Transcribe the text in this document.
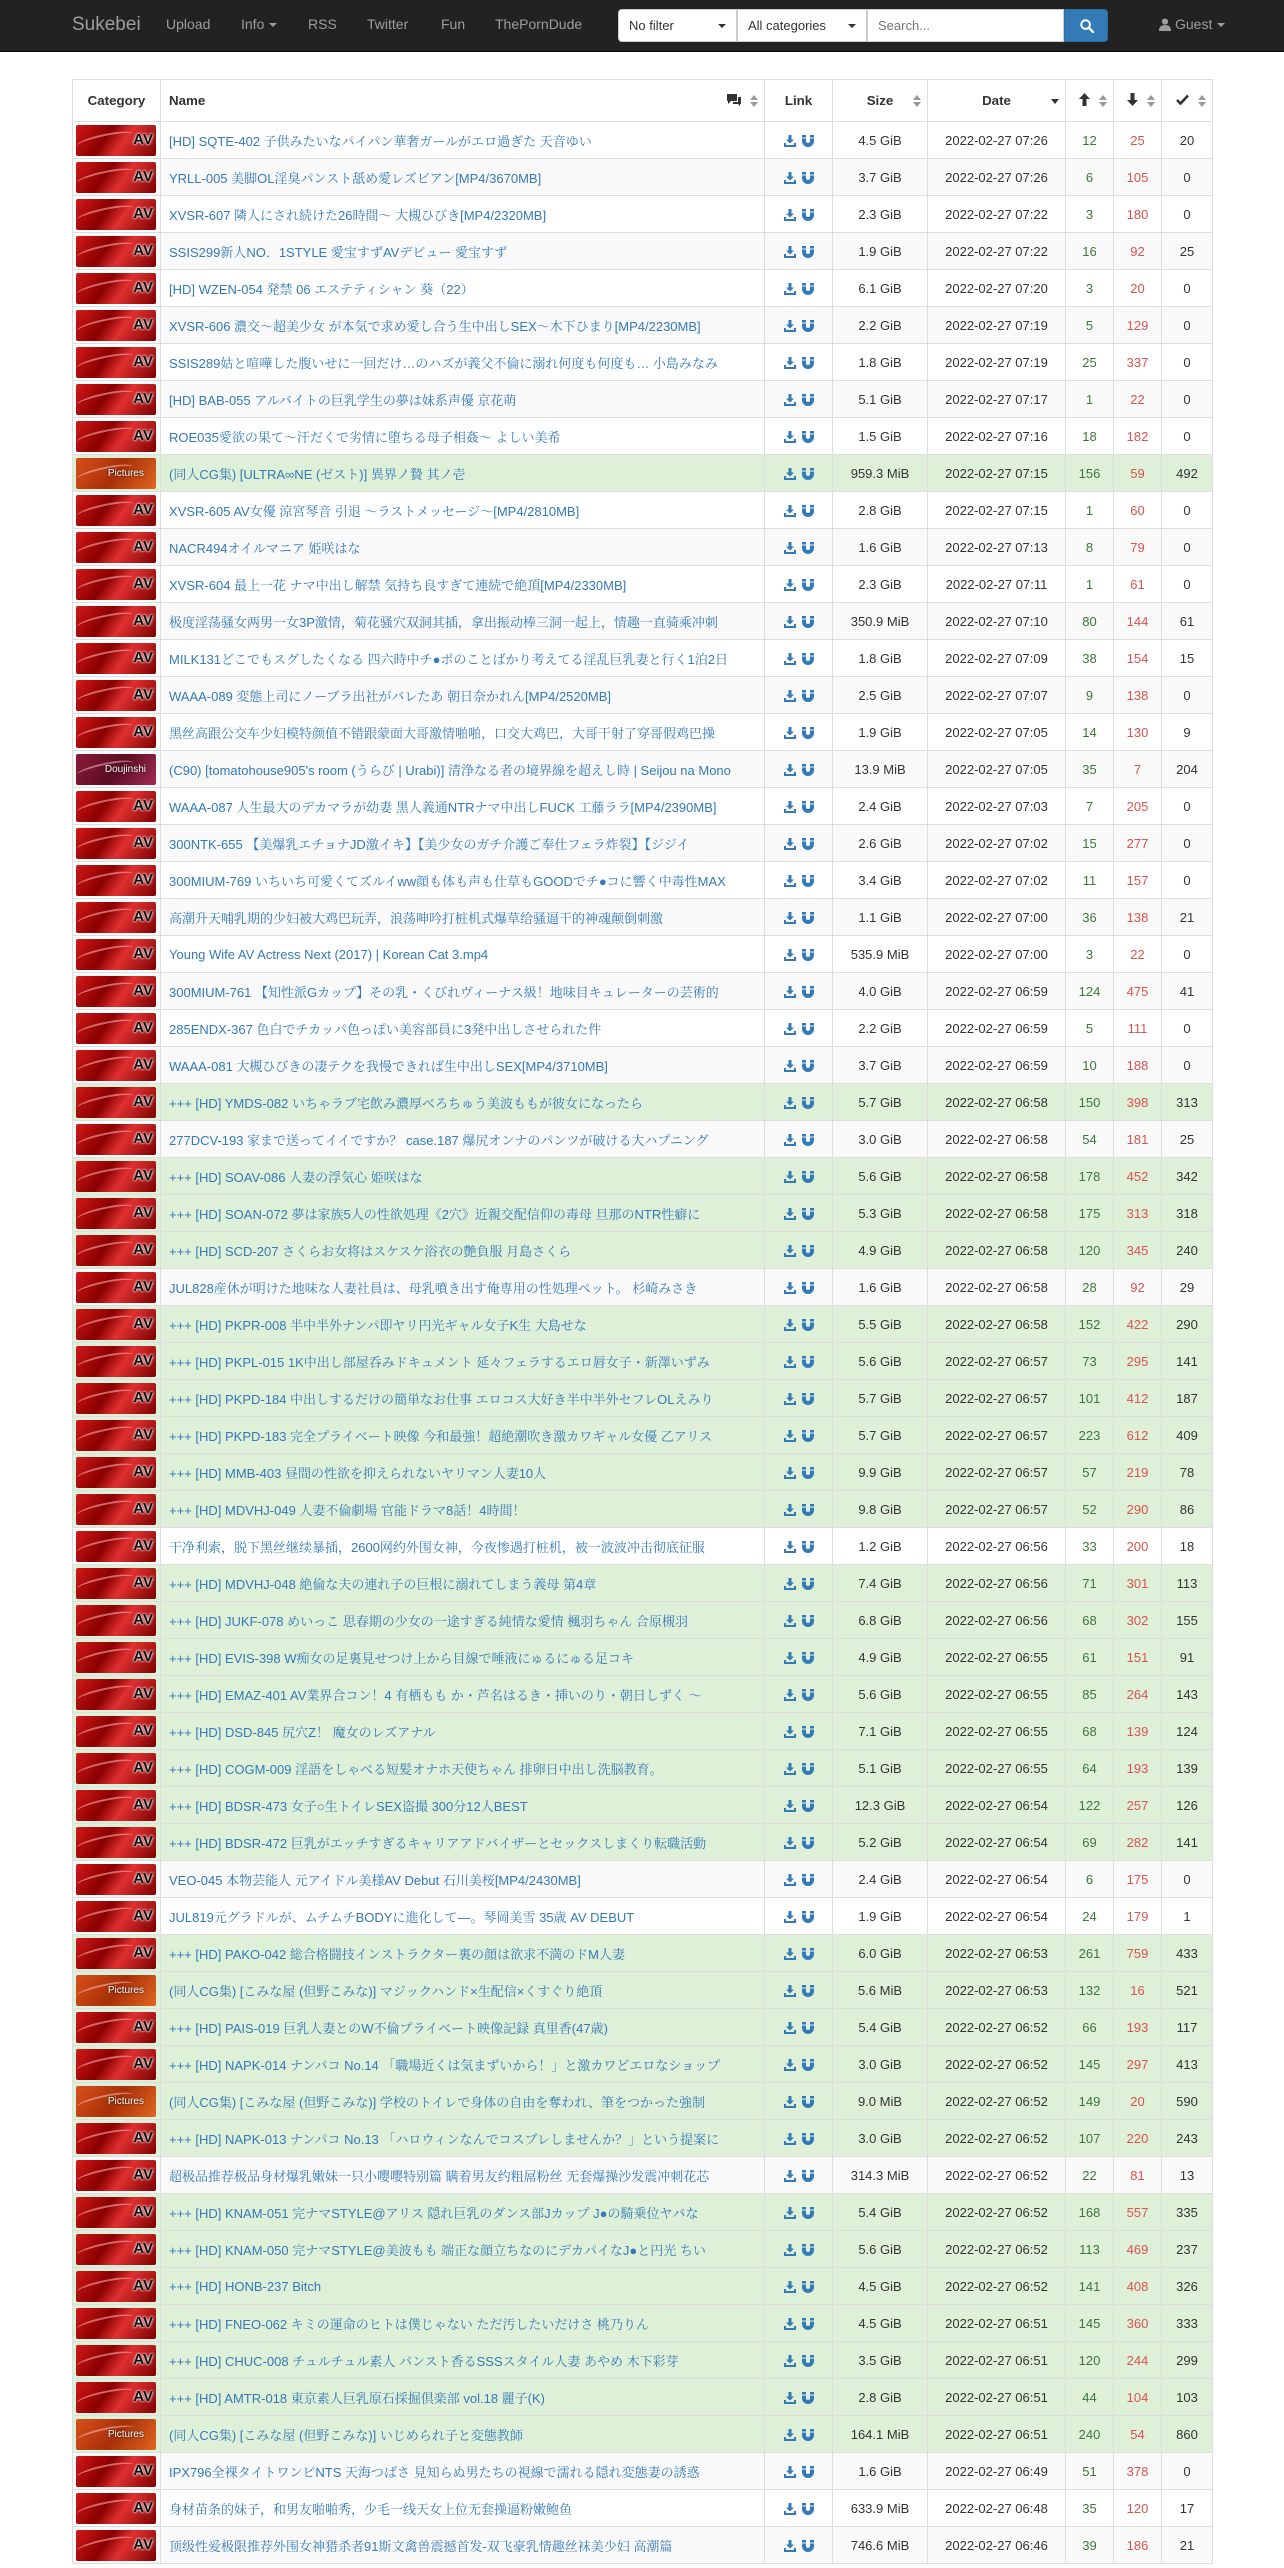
Sukebei Upload Info	RSS Twitter Fun ThePornDude	No filter	All categories
Search...	Guest
Category	Name	Link	Size	Date

AV	[HD] SQTE-402 子供みたいなパイパン華奢ガールがエロ過ぎた 天音ゆい		4.5 GiB	2022-02-27 07:26	12	25	20

AV	YRLL-005 美脚OL淫臭パンスト舐め愛レズビアン[MP4/3670MB]		3.7 GiB	2022-02-27 07:26	6	105	0

AV	XVSR-607 隣人にされ続けた26時間～ 大槻ひびき[MP4/2320MB]		2.3 GiB	2022-02-27 07:22	3	180	0

AV	SSIS299新人NO．1STYLE 愛宝すずAVデビュー 愛宝すず		1.9 GiB	2022-02-27 07:22	16	92	25

AV	[HD] WZEN-054 発禁 06 エステティシャン 葵（22）		6.1 GiB	2022-02-27 07:20	3	20	0

AV	XVSR-606 濃交～超美少女 が本気で求め愛し合う生中出しSEX～木下ひまり[MP4/2230MB]		2.2 GiB	2022-02-27 07:19	5	129	0

AV	SSIS289姑と喧嘩した腹いせに一回だけ…のハズが義父不倫に溺れ何度も何度も… 小島みなみ		1.8 GiB	2022-02-27 07:19	25	337	0

AV	[HD] BAB-055 アルバイトの巨乳学生の夢は妹系声優 京花萌		5.1 GiB	2022-02-27 07:17	1	22	0

AV	ROE035愛欲の果て～汗だくで劣情に堕ちる母子相姦～ よしい美希		1.5 GiB	2022-02-27 07:16	18	182	0

Pictures	(同人CG集) [ULTRA∞NE (ゼスト)] 異界ノ贄 其ノ壱		959.3 MiB	2022-02-27 07:15	156	59	492

AV	XVSR-605 AV女優 涼宮琴音 引退 ～ラストメッセージ～[MP4/2810MB]		2.8 GiB	2022-02-27 07:15	1	60	0

AV	NACR494オイルマニア 姫咲はな		1.6 GiB	2022-02-27 07:13	8	79	0

AV	XVSR-604 最上一花 ナマ中出し解禁 気持ち良すぎて連続で絶頂[MP4/2330MB]		2.3 GiB	2022-02-27 07:11	1	61	0

AV	极度淫荡骚女两男一女3P激情，菊花骚穴双洞其插，拿出振动棒三洞一起上，情趣一直骑乘冲刺		350.9 MiB	2022-02-27 07:10	80	144	61

AV	MILK131どこでもスグしたくなる 四六時中チ●ポのことばかり考えてる淫乱巨乳妻と行く1泊2日		1.8 GiB	2022-02-27 07:09	38	154	15

AV	WAAA-089 変態上司にノーブラ出社がバレたあ 朝日奈かれん[MP4/2520MB]		2.5 GiB	2022-02-27 07:07	9	138	0

AV	黑丝高跟公交车少妇模特颜值不错跟蒙面大哥激情啪啪，口交大鸡巴，大哥干射了穿哥假鸡巴操		1.9 GiB	2022-02-27 07:05	14	130	9

Doujinshi	(C90) [tomatohouse905's room (うらび | Urabi)] 清浄なる者の境界線を超えし時 | Seijou na Mono		13.9 MiB	2022-02-27 07:05	35	7	204

AV	WAAA-087 人生最大のデカマラが幼妻 黒人義通NTRナマ中出しFUCK 工藤ララ[MP4/2390MB]		2.4 GiB	2022-02-27 07:03	7	205	0

AV	300NTK-655 【美爆乳エチョナJD激イキ】【美少女のガチ介護ご奉仕フェラ炸裂】【ジジイ		2.6 GiB	2022-02-27 07:02	15	277	0

AV	300MIUM-769 いちいち可愛くてズルイww顔も体も声も仕草もGOODでチ●コに響く中毒性MAX		3.4 GiB	2022-02-27 07:02	11	157	0

AV	高潮升天哺乳期的少妇被大鸡巴玩弄，浪荡呻吟打桩机式爆草给骚逼干的神魂颠倒刺激		1.1 GiB	2022-02-27 07:00	36	138	21

AV	Young Wife AV Actress Next (2017) | Korean Cat 3.mp4		535.9 MiB	2022-02-27 07:00	3	22	0

AV	300MIUM-761 【知性派Gカップ】その乳・くびれヴィーナス級！地味目キュレーターの芸術的		4.0 GiB	2022-02-27 06:59	124	475	41

AV	285ENDX-367 色白でチカッパ色っぽい美容部員に3発中出しさせられた件		2.2 GiB	2022-02-27 06:59	5	111	0

AV	WAAA-081 大槻ひびきの凄テクを我慢できれば生中出しSEX[MP4/3710MB]		3.7 GiB	2022-02-27 06:59	10	188	0

AV	+++ [HD] YMDS-082 いちゃラブ宅飲み濃厚べろちゅう美波ももが彼女になったら		5.7 GiB	2022-02-27 06:58	150	398	313

AV	277DCV-193 家まで送ってイイですか？ case.187 爆尻オンナのパンツが破ける大ハプニング		3.0 GiB	2022-02-27 06:58	54	181	25

AV	+++ [HD] SOAV-086 人妻の浮気心 姫咲はな		5.6 GiB	2022-02-27 06:58	178	452	342

AV	+++ [HD] SOAN-072 夢は家族5人の性欲処理《2穴》近親交配信仰の毒母 旦那のNTR性癖に		5.3 GiB	2022-02-27 06:58	175	313	318

AV	+++ [HD] SCD-207 さくらお女将はスケスケ浴衣の艶負服 月島さくら		4.9 GiB	2022-02-27 06:58	120	345	240

AV	JUL828産休が明けた地味な人妻社員は、母乳噴き出す俺専用の性処理ペット。 杉崎みさき		1.6 GiB	2022-02-27 06:58	28	92	29

AV	+++ [HD] PKPR-008 半中半外ナンパ即ヤリ円光ギャル女子K生 大島せな		5.5 GiB	2022-02-27 06:58	152	422	290

AV	+++ [HD] PKPL-015 1K中出し部屋呑みドキュメント 延々フェラするエロ唇女子・新澤いずみ		5.6 GiB	2022-02-27 06:57	73	295	141

AV	+++ [HD] PKPD-184 中出しするだけの簡単なお仕事 エロコス大好き半中半外セフレOLえみり		5.7 GiB	2022-02-27 06:57	101	412	187

AV	+++ [HD] PKPD-183 完全プライベート映像 今和最強！超絶潮吹き激カワギャル女優 乙アリス		5.7 GiB	2022-02-27 06:57	223	612	409

AV	+++ [HD] MMB-403 昼間の性欲を抑えられないヤリマン人妻10人		9.9 GiB	2022-02-27 06:57	57	219	78

AV	+++ [HD] MDVHJ-049 人妻不倫劇場 官能ドラマ8話！4時間！		9.8 GiB	2022-02-27 06:57	52	290	86

AV	干净利索，脱下黑丝继续暴插，2600网约外围女神，今夜惨遇打桩机，被一波波冲击彻底征服		1.2 GiB	2022-02-27 06:56	33	200	18

AV	+++ [HD] MDVHJ-048 絶倫な夫の連れ子の巨根に溺れてしまう義母 第4章		7.4 GiB	2022-02-27 06:56	71	301	113

AV	+++ [HD] JUKF-078 めいっこ 思春期の少女の一途すぎる純情な愛情 楓羽ちゃん 合原槻羽		6.8 GiB	2022-02-27 06:56	68	302	155

AV	+++ [HD] EVIS-398 W痴女の足裏見せつけ上から目線で唾液にゅるにゅる足コキ		4.9 GiB	2022-02-27 06:55	61	151	91

AV	+++ [HD] EMAZ-401 AV業界合コン！4 有栖もも か・芦名はるき・挿いのり・朝日しずく ～		5.6 GiB	2022-02-27 06:55	85	264	143

AV	+++ [HD] DSD-845 尻穴Z！ 魔女のレズアナル		7.1 GiB	2022-02-27 06:55	68	139	124

AV	+++ [HD] COGM-009 淫語をしゃべる短髪オナホ天使ちゃん 排卵日中出し洗脳教育。		5.1 GiB	2022-02-27 06:55	64	193	139

AV	+++ [HD] BDSR-473 女子○生トイレSEX盗撮 300分12人BEST		12.3 GiB	2022-02-27 06:54	122	257	126

AV	+++ [HD] BDSR-472 巨乳がエッチすぎるキャリアアドバイザーとセックスしまくり転職活動		5.2 GiB	2022-02-27 06:54	69	282	141

AV	VEO-045 本物芸能人 元アイドル美様AV Debut 石川美桜[MP4/2430MB]		2.4 GiB	2022-02-27 06:54	6	175	0

AV	JUL819元グラドルが、ムチムチBODYに進化して—。琴岡美雪 35歳 AV DEBUT		1.9 GiB	2022-02-27 06:54	24	179	1

AV	+++ [HD] PAKO-042 総合格闘技インストラクター裏の顔は欲求不満のドM人妻		6.0 GiB	2022-02-27 06:53	261	759	433

Pictures	(同人CG集) [こみな屋 (但野こみな)] マジックハンド×生配信×くすぐり絶頂		5.6 MiB	2022-02-27 06:53	132	16	521

AV	+++ [HD] PAIS-019 巨乳人妻とのW不倫プライベート映像記録 真里香(47歳)		5.4 GiB	2022-02-27 06:52	66	193	117

AV	+++ [HD] NAPK-014 ナンパコ No.14 「職場近くは気まずいから！」と激カワどエロなショップ		3.0 GiB	2022-02-27 06:52	145	297	413

Pictures	(同人CG集) [こみな屋 (但野こみな)] 学校のトイレで身体の自由を奪われ、筆をつかった強制		9.0 MiB	2022-02-27 06:52	149	20	590

AV	+++ [HD] NAPK-013 ナンパコ No.13 「ハロウィンなんでコスプレしませんか？」という提案に		3.0 GiB	2022-02-27 06:52	107	220	243

AV	超极品推荐极品身材爆乳嫩妹一只小嘤嘤特别篇 瞒着男友约粗屌粉丝 无套爆操沙发震冲刺花芯		314.3 MiB	2022-02-27 06:52	22	81	13

AV	+++ [HD] KNAM-051 完ナマSTYLE@アリス 隠れ巨乳のダンス部Jカップ J●の騎乗位ヤバな		5.4 GiB	2022-02-27 06:52	168	557	335

AV	+++ [HD] KNAM-050 完ナマSTYLE@美波もも 端正な顔立ちなのにデカパイなJ●と円光 ちい		5.6 GiB	2022-02-27 06:52	113	469	237

AV	+++ [HD] HONB-237 Bitch		4.5 GiB	2022-02-27 06:52	141	408	326

AV	+++ [HD] FNEO-062 キミの運命のヒトは僕じゃない ただ汚したいだけさ 桃乃りん		4.5 GiB	2022-02-27 06:51	145	360	333

AV	+++ [HD] CHUC-008 チュルチュル素人 パンスト香るSSSスタイル人妻 あやめ 木下彩芽		3.5 GiB	2022-02-27 06:51	120	244	299

AV	+++ [HD] AMTR-018 東京素人巨乳原石採掘倶楽部 vol.18 麗子(K)		2.8 GiB	2022-02-27 06:51	44	104	103

Pictures	(同人CG集) [こみな屋 (但野こみな)] いじめられ子と変態教師		164.1 MiB	2022-02-27 06:51	240	54	860

AV	IPX796全裸タイトワンピNTS 天海つばさ 見知らぬ男たちの視線で濡れる隠れ変態妻の誘惑		1.6 GiB	2022-02-27 06:49	51	378	0

AV	身材苗条的妹子，和男友啪啪秀，少毛一线天女上位无套操逼粉嫩鲍鱼		633.9 MiB	2022-02-27 06:48	35	120	17

AV	顶级性爱极限推荐外围女神猎杀者91斯文禽兽震撼首发-双飞豪乳情趣丝袜美少妇 高潮篇		746.6 MiB	2022-02-27 06:46	39	186	21
